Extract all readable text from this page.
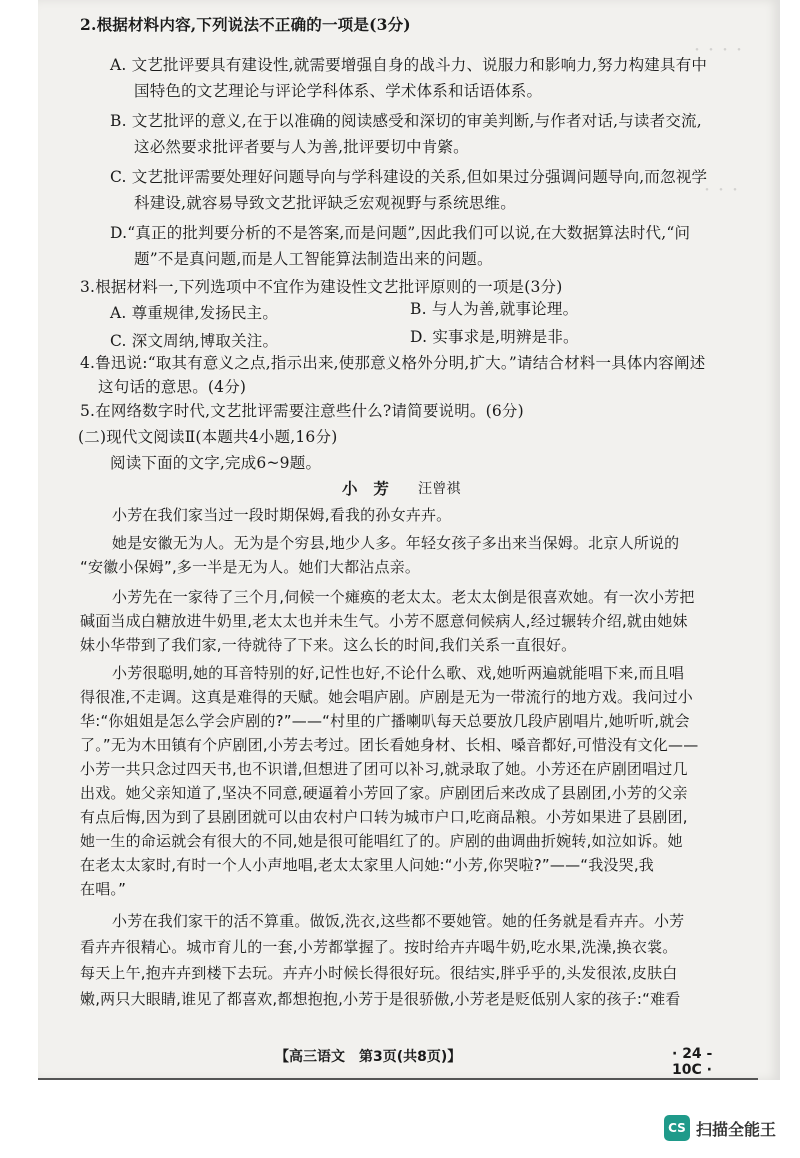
・・・・
・・・
2.根据材料内容,下列说法不正确的一项是(3分)
A. 文艺批评要具有建设性,就需要增强自身的战斗力、说服力和影响力,努力构建具有中
国特色的文艺理论与评论学科体系、学术体系和话语体系。
B. 文艺批评的意义,在于以准确的阅读感受和深切的审美判断,与作者对话,与读者交流,
这必然要求批评者要与人为善,批评要切中肯綮。
C. 文艺批评需要处理好问题导向与学科建设的关系,但如果过分强调问题导向,而忽视学
科建设,就容易导致文艺批评缺乏宏观视野与系统思维。
D.“真正的批判要分析的不是答案,而是问题”,因此我们可以说,在大数据算法时代,“问
题”不是真问题,而是人工智能算法制造出来的问题。
3.根据材料一,下列选项中不宜作为建设性文艺批评原则的一项是(3分)
A. 尊重规律,发扬民主。	B. 与人为善,就事论理。
C. 深文周纳,博取关注。	D. 实事求是,明辨是非。
4.鲁迅说:“取其有意义之点,指示出来,使那意义格外分明,扩大。”请结合材料一具体内容阐述
这句话的意思。(4分)
5.在网络数字时代,文艺批评需要注意些什么?请简要说明。(6分)
(二)现代文阅读Ⅱ(本题共4小题,16分)
阅读下面的文字,完成6~9题。
小　芳 汪曾祺
小芳在我们家当过一段时期保姆,看我的孙女卉卉。
她是安徽无为人。无为是个穷县,地少人多。年轻女孩子多出来当保姆。北京人所说的
“安徽小保姆”,多一半是无为人。她们大都沾点亲。
小芳先在一家待了三个月,伺候一个瘫痪的老太太。老太太倒是很喜欢她。有一次小芳把
碱面当成白糖放进牛奶里,老太太也并未生气。小芳不愿意伺候病人,经过辗转介绍,就由她妹
妹小华带到了我们家,一待就待了下来。这么长的时间,我们关系一直很好。
小芳很聪明,她的耳音特别的好,记性也好,不论什么歌、戏,她听两遍就能唱下来,而且唱
得很准,不走调。这真是难得的天赋。她会唱庐剧。庐剧是无为一带流行的地方戏。我问过小
华:“你姐姐是怎么学会庐剧的?”——“村里的广播喇叭每天总要放几段庐剧唱片,她听听,就会
了。”无为木田镇有个庐剧团,小芳去考过。团长看她身材、长相、嗓音都好,可惜没有文化——
小芳一共只念过四天书,也不识谱,但想进了团可以补习,就录取了她。小芳还在庐剧团唱过几
出戏。她父亲知道了,坚决不同意,硬逼着小芳回了家。庐剧团后来改成了县剧团,小芳的父亲
有点后悔,因为到了县剧团就可以由农村户口转为城市户口,吃商品粮。小芳如果进了县剧团,
她一生的命运就会有很大的不同,她是很可能唱红了的。庐剧的曲调曲折婉转,如泣如诉。她
在老太太家时,有时一个人小声地唱,老太太家里人问她:“小芳,你哭啦?”——“我没哭,我
在唱。”
小芳在我们家干的活不算重。做饭,洗衣,这些都不要她管。她的任务就是看卉卉。小芳
看卉卉很精心。城市育儿的一套,小芳都掌握了。按时给卉卉喝牛奶,吃水果,洗澡,换衣裳。
每天上午,抱卉卉到楼下去玩。卉卉小时候长得很好玩。很结实,胖乎乎的,头发很浓,皮肤白
嫩,两只大眼睛,谁见了都喜欢,都想抱抱,小芳于是很骄傲,小芳老是贬低别人家的孩子:“难看
【高三语文　第3页(共8页)】	· 24 - 10C ·
CS 扫描全能王
